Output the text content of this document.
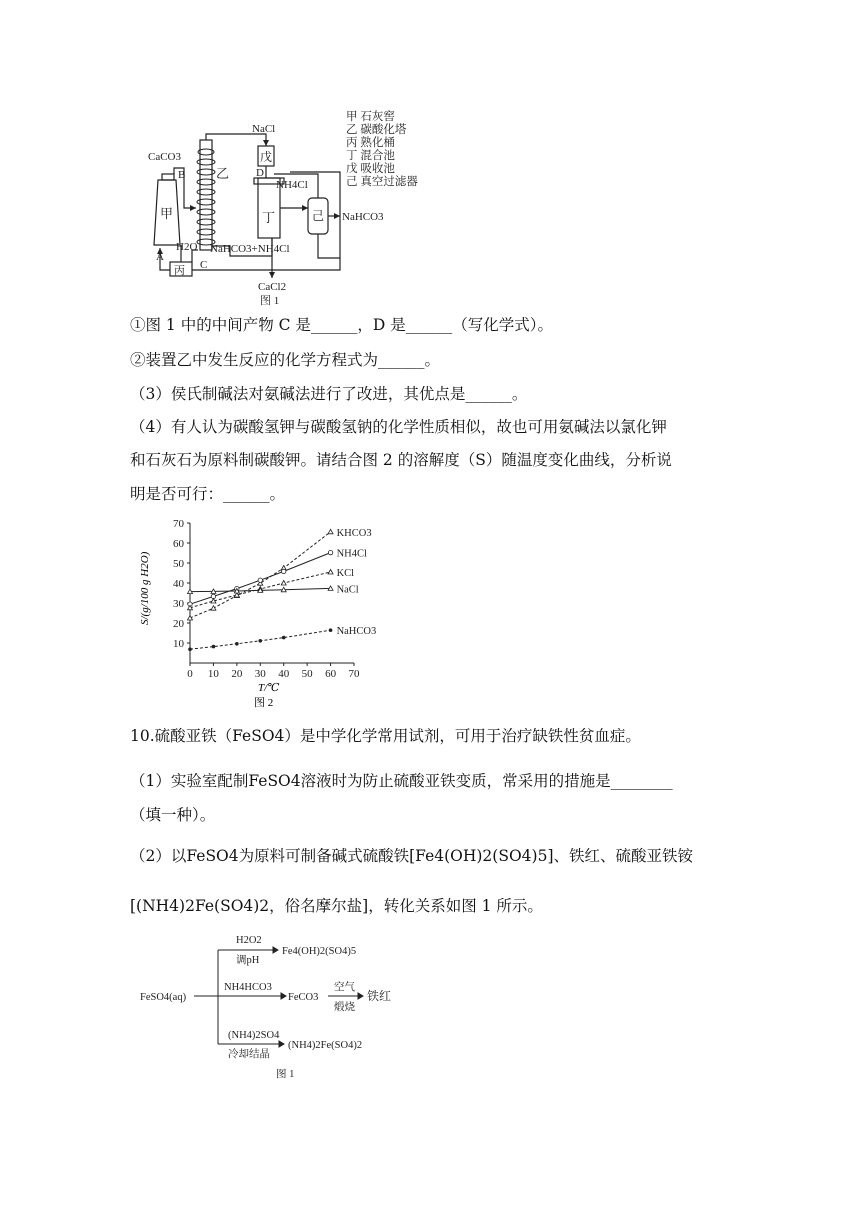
CaCO3
B
甲
乙
H2O
A
丙 C
NaCl
戊
D
NH4Cl
丁	己 NaHCO3
NaHCO3+NH4Cl
CaCl2
图 1
甲 石灰窖
乙 碳酸化塔
丙 熟化桶
丁 混合池
戊 吸收池
己 真空过滤器
①图 1 中的中间产物 C 是______，D 是______（写化学式）。
②装置乙中发生反应的化学方程式为______。
（3）侯氏制碱法对氨碱法进行了改进，其优点是______。
（4）有人认为碳酸氢钾与碳酸氢钠的化学性质相似，故也可用氨碱法以氯化钾
和石灰石为原料制碳酸钾。请结合图 2 的溶解度（S）随温度变化曲线，分析说
明是否可行：______。
0 10 20 30 40 50 60 70
10
20
30
40
50
60
70
KHCO3
NH4Cl
KCl
NaCl
NaHCO3
T/℃
S/(g/100 g H2O)
图 2
10.硫酸亚铁（FeSO4）是中学化学常用试剂，可用于治疗缺铁性贫血症。
（1）实验室配制FeSO4溶液时为防止硫酸亚铁变质，常采用的措施是________
（填一种）。
（2）以FeSO4为原料可制备碱式硫酸铁[Fe4(OH)2(SO4)5]、铁红、硫酸亚铁铵
[(NH4)2Fe(SO4)2，俗名摩尔盐]，转化关系如图 1 所示。
FeSO4(aq)
H2O2
调pH
Fe4(OH)2(SO4)5
NH4HCO3
FeCO3
空气
煅烧
铁红
(NH4)2SO4
冷却结晶
(NH4)2Fe(SO4)2
图 1
